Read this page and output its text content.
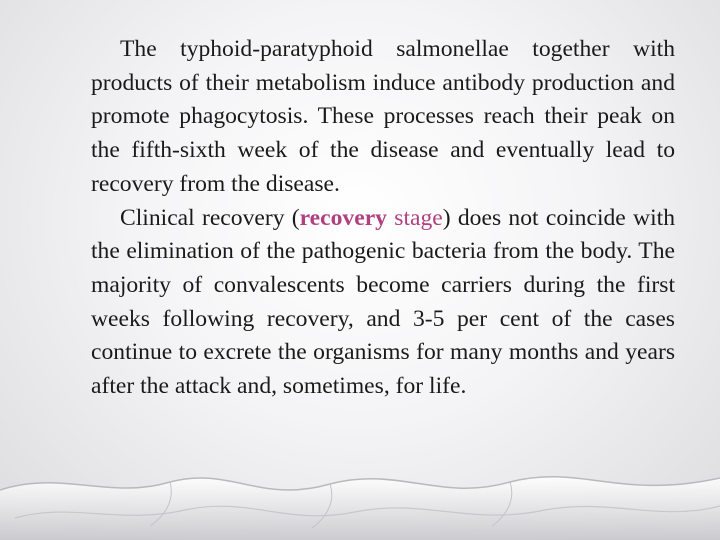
The typhoid-paratyphoid salmonellae together with products of their metabolism induce antibody production and promote phagocytosis. These processes reach their peak on the fifth-sixth week of the disease and eventually lead to recovery from the disease.

Clinical recovery (recovery stage) does not coincide with the elimination of the pathogenic bacteria from the body. The majority of convalescents become carriers during the first weeks following recovery, and 3-5 per cent of the cases continue to excrete the organisms for many months and years after the attack and, sometimes, for life.
